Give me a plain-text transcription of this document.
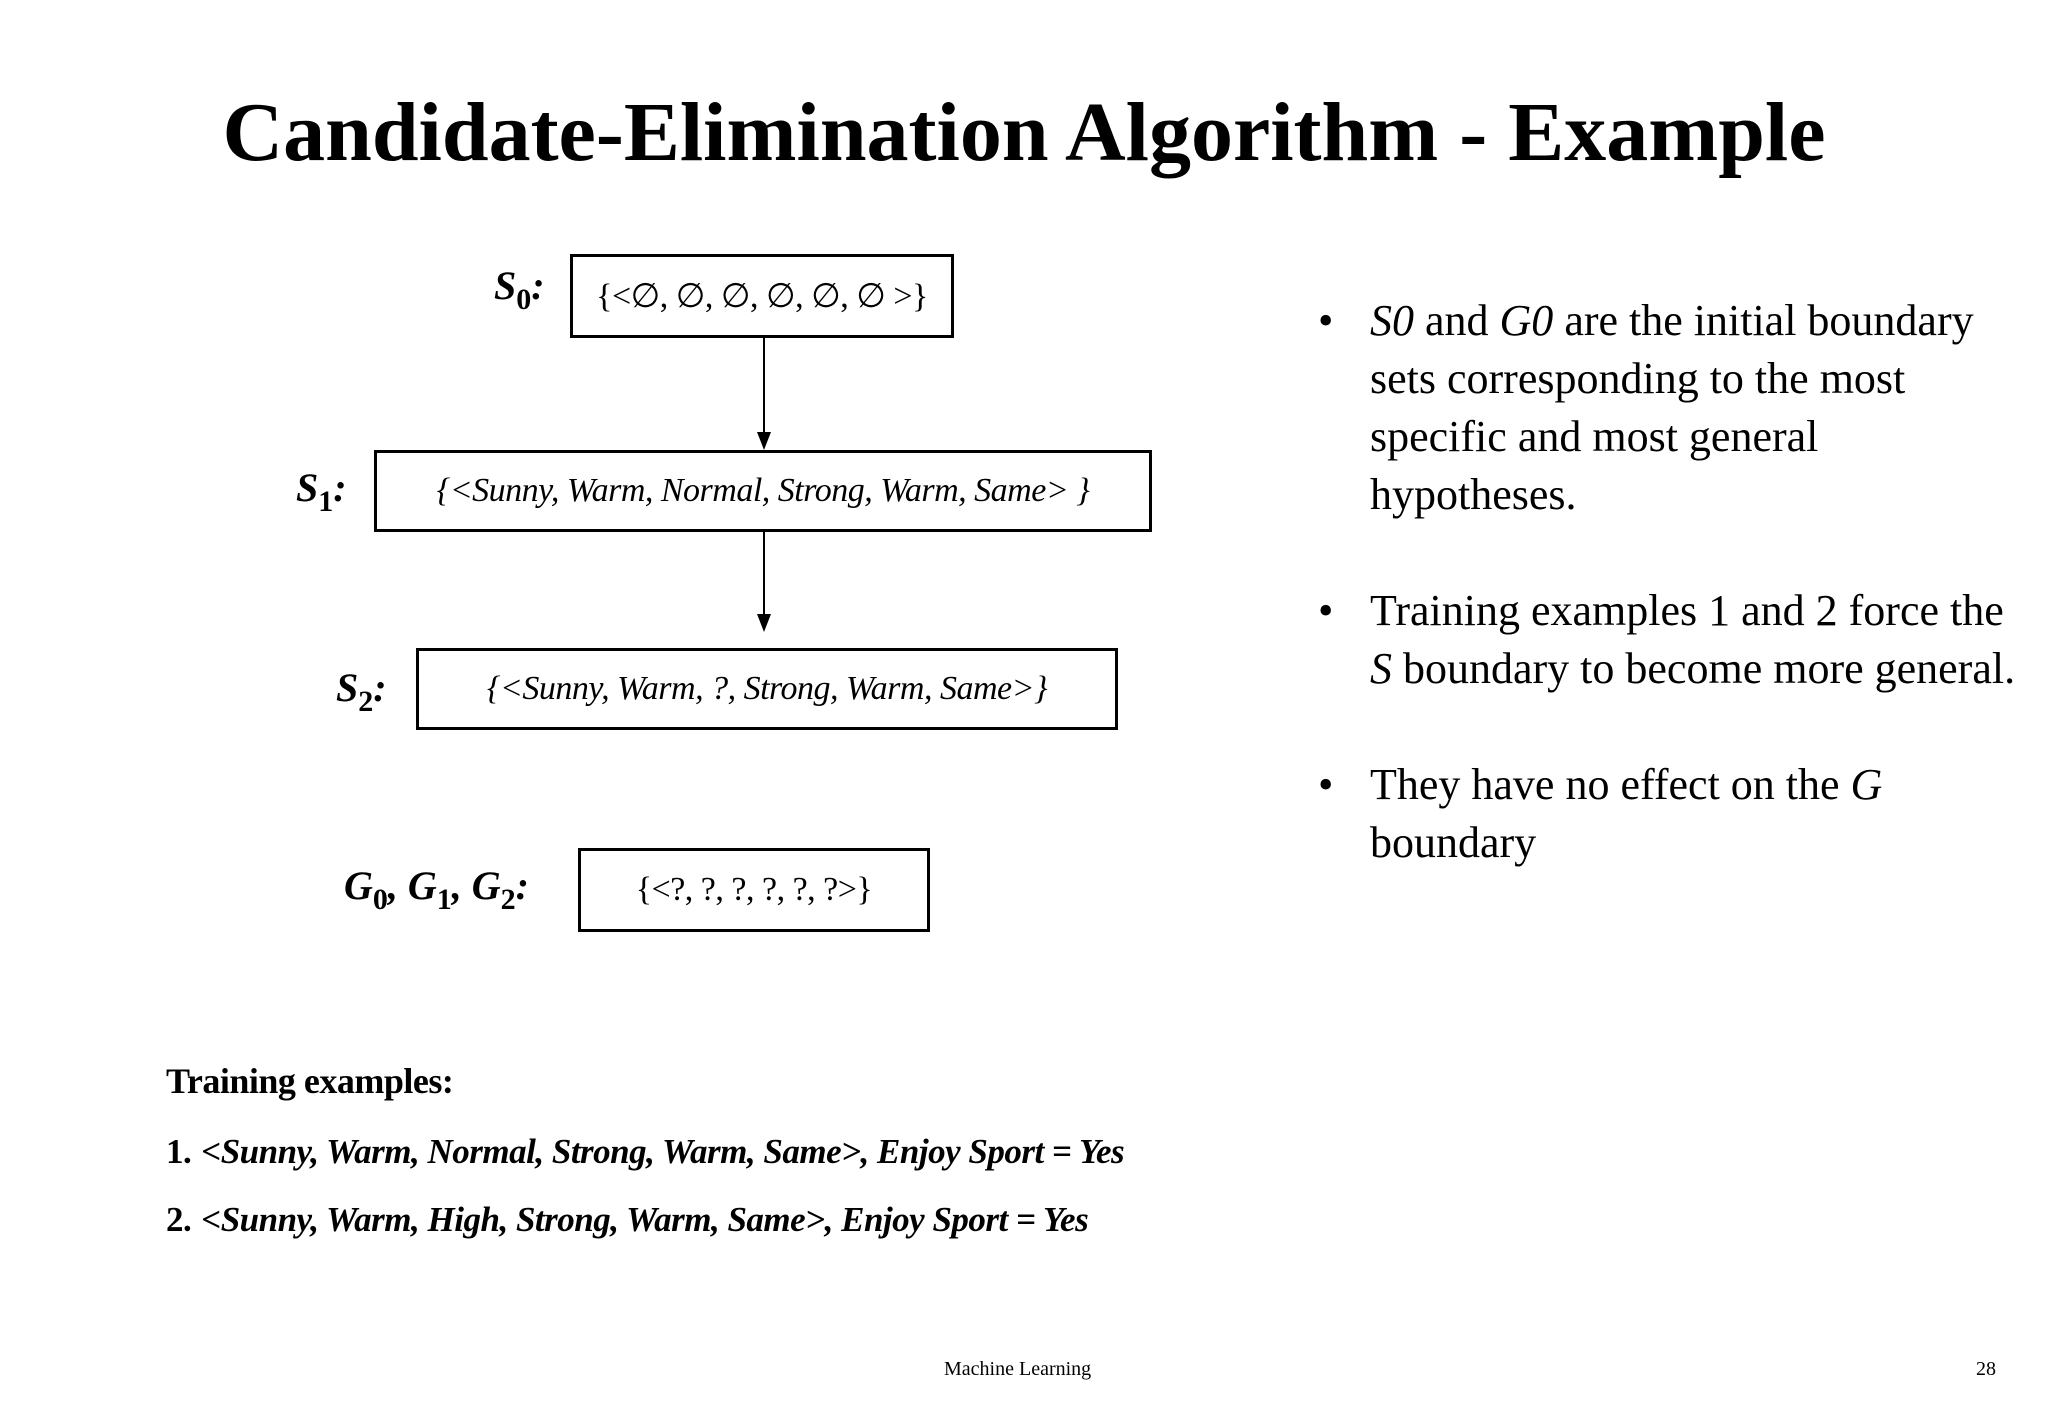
Candidate-Elimination Algorithm - Example
$S_0$:	{<∅, ∅, ∅, ∅, ∅, ∅ >}
$S_1$:	{<Sunny, Warm, Normal, Strong, Warm, Same> }
$S_2$:	{<Sunny, Warm, ?, Strong, Warm, Same>}
$G_0$, $G_1$, $G_2$:	{<?, ?, ?, ?, ?, ?>}
• S0 and G0 are the initial boundary sets corresponding to the most specific and most general hypotheses.
• Training examples 1 and 2 force the S boundary to become more general.
• They have no effect on the G boundary
Training examples:
1. <Sunny, Warm, Normal, Strong, Warm, Same>, Enjoy Sport = Yes
2. <Sunny, Warm, High, Strong, Warm, Same>, Enjoy Sport = Yes
Machine Learning	28
